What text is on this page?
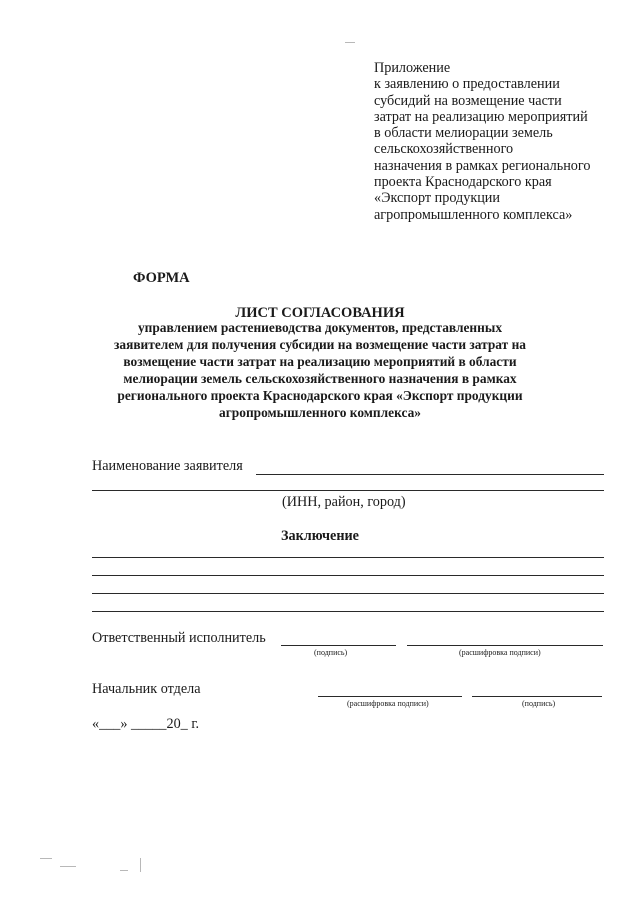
Приложение
к заявлению о предоставлении
субсидий на возмещение части
затрат на реализацию мероприятий
в области мелиорации земель
сельскохозяйственного
назначения в рамках регионального
проекта Краснодарского края
«Экспорт продукции
агропромышленного комплекса»
ФОРМА
ЛИСТ СОГЛАСОВАНИЯ
управлением растениеводства документов, представленных
заявителем для получения субсидии на возмещение части затрат на
возмещение части затрат на реализацию мероприятий в области
мелиорации земель сельскохозяйственного назначения в рамках
регионального проекта Краснодарского края «Экспорт продукции
агропромышленного комплекса»
Наименование заявителя
(ИНН, район, город)
Заключение
Ответственный исполнитель
(подпись)	(расшифровка подписи)
Начальник отдела
(расшифровка подписи)	(подпись)
«___» _____20_ г.
